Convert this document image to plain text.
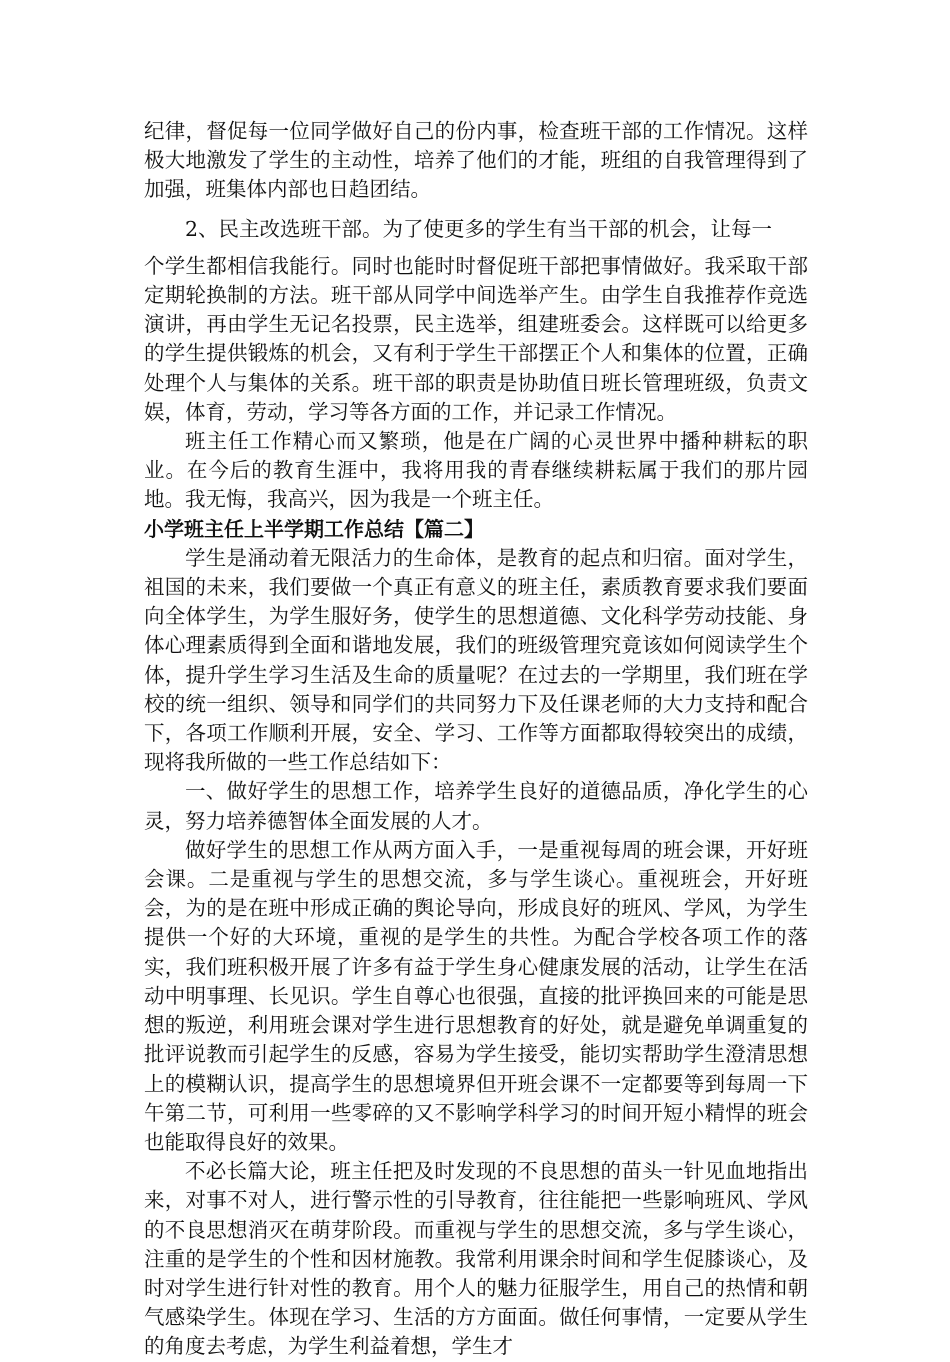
纪律，督促每一位同学做好自己的份内事，检查班干部的工作情况。这样极大地激发了学生的主动性，培养了他们的才能，班组的自我管理得到了加强，班集体内部也日趋团结。

2、民主改选班干部。为了使更多的学生有当干部的机会，让每一

个学生都相信我能行。同时也能时时督促班干部把事情做好。我采取干部定期轮换制的方法。班干部从同学中间选举产生。由学生自我推荐作竞选演讲，再由学生无记名投票，民主选举，组建班委会。这样既可以给更多的学生提供锻炼的机会，又有利于学生干部摆正个人和集体的位置，正确处理个人与集体的关系。班干部的职责是协助值日班长管理班级，负责文娱，体育，劳动，学习等各方面的工作，并记录工作情况。

班主任工作精心而又繁琐，他是在广阔的心灵世界中播种耕耘的职业。在今后的教育生涯中，我将用我的青春继续耕耘属于我们的那片园地。我无悔，我高兴，因为我是一个班主任。

小学班主任上半学期工作总结【篇二】

学生是涌动着无限活力的生命体，是教育的起点和归宿。面对学生，祖国的未来，我们要做一个真正有意义的班主任，素质教育要求我们要面向全体学生，为学生服好务，使学生的思想道德、文化科学劳动技能、身体心理素质得到全面和谐地发展，我们的班级管理究竟该如何阅读学生个体，提升学生学习生活及生命的质量呢？在过去的一学期里，我们班在学校的统一组织、领导和同学们的共同努力下及任课老师的大力支持和配合下，各项工作顺利开展，安全、学习、工作等方面都取得较突出的成绩，现将我所做的一些工作总结如下：

一、做好学生的思想工作，培养学生良好的道德品质，净化学生的心灵，努力培养德智体全面发展的人才。

做好学生的思想工作从两方面入手，一是重视每周的班会课，开好班会课。二是重视与学生的思想交流，多与学生谈心。重视班会，开好班会，为的是在班中形成正确的舆论导向，形成良好的班风、学风，为学生提供一个好的大环境，重视的是学生的共性。为配合学校各项工作的落实，我们班积极开展了许多有益于学生身心健康发展的活动，让学生在活动中明事理、长见识。学生自尊心也很强，直接的批评换回来的可能是思想的叛逆，利用班会课对学生进行思想教育的好处，就是避免单调重复的批评说教而引起学生的反感，容易为学生接受，能切实帮助学生澄清思想上的模糊认识，提高学生的思想境界但开班会课不一定都要等到每周一下午第二节，可利用一些零碎的又不影响学科学习的时间开短小精悍的班会也能取得良好的效果。

不必长篇大论，班主任把及时发现的不良思想的苗头一针见血地指出来，对事不对人，进行警示性的引导教育，往往能把一些影响班风、学风的不良思想消灭在萌芽阶段。而重视与学生的思想交流，多与学生谈心，注重的是学生的个性和因材施教。我常利用课余时间和学生促膝谈心，及时对学生进行针对性的教育。用个人的魅力征服学生，用自己的热情和朝气感染学生。体现在学习、生活的方方面面。做任何事情，一定要从学生的角度去考虑，为学生利益着想，学生才
